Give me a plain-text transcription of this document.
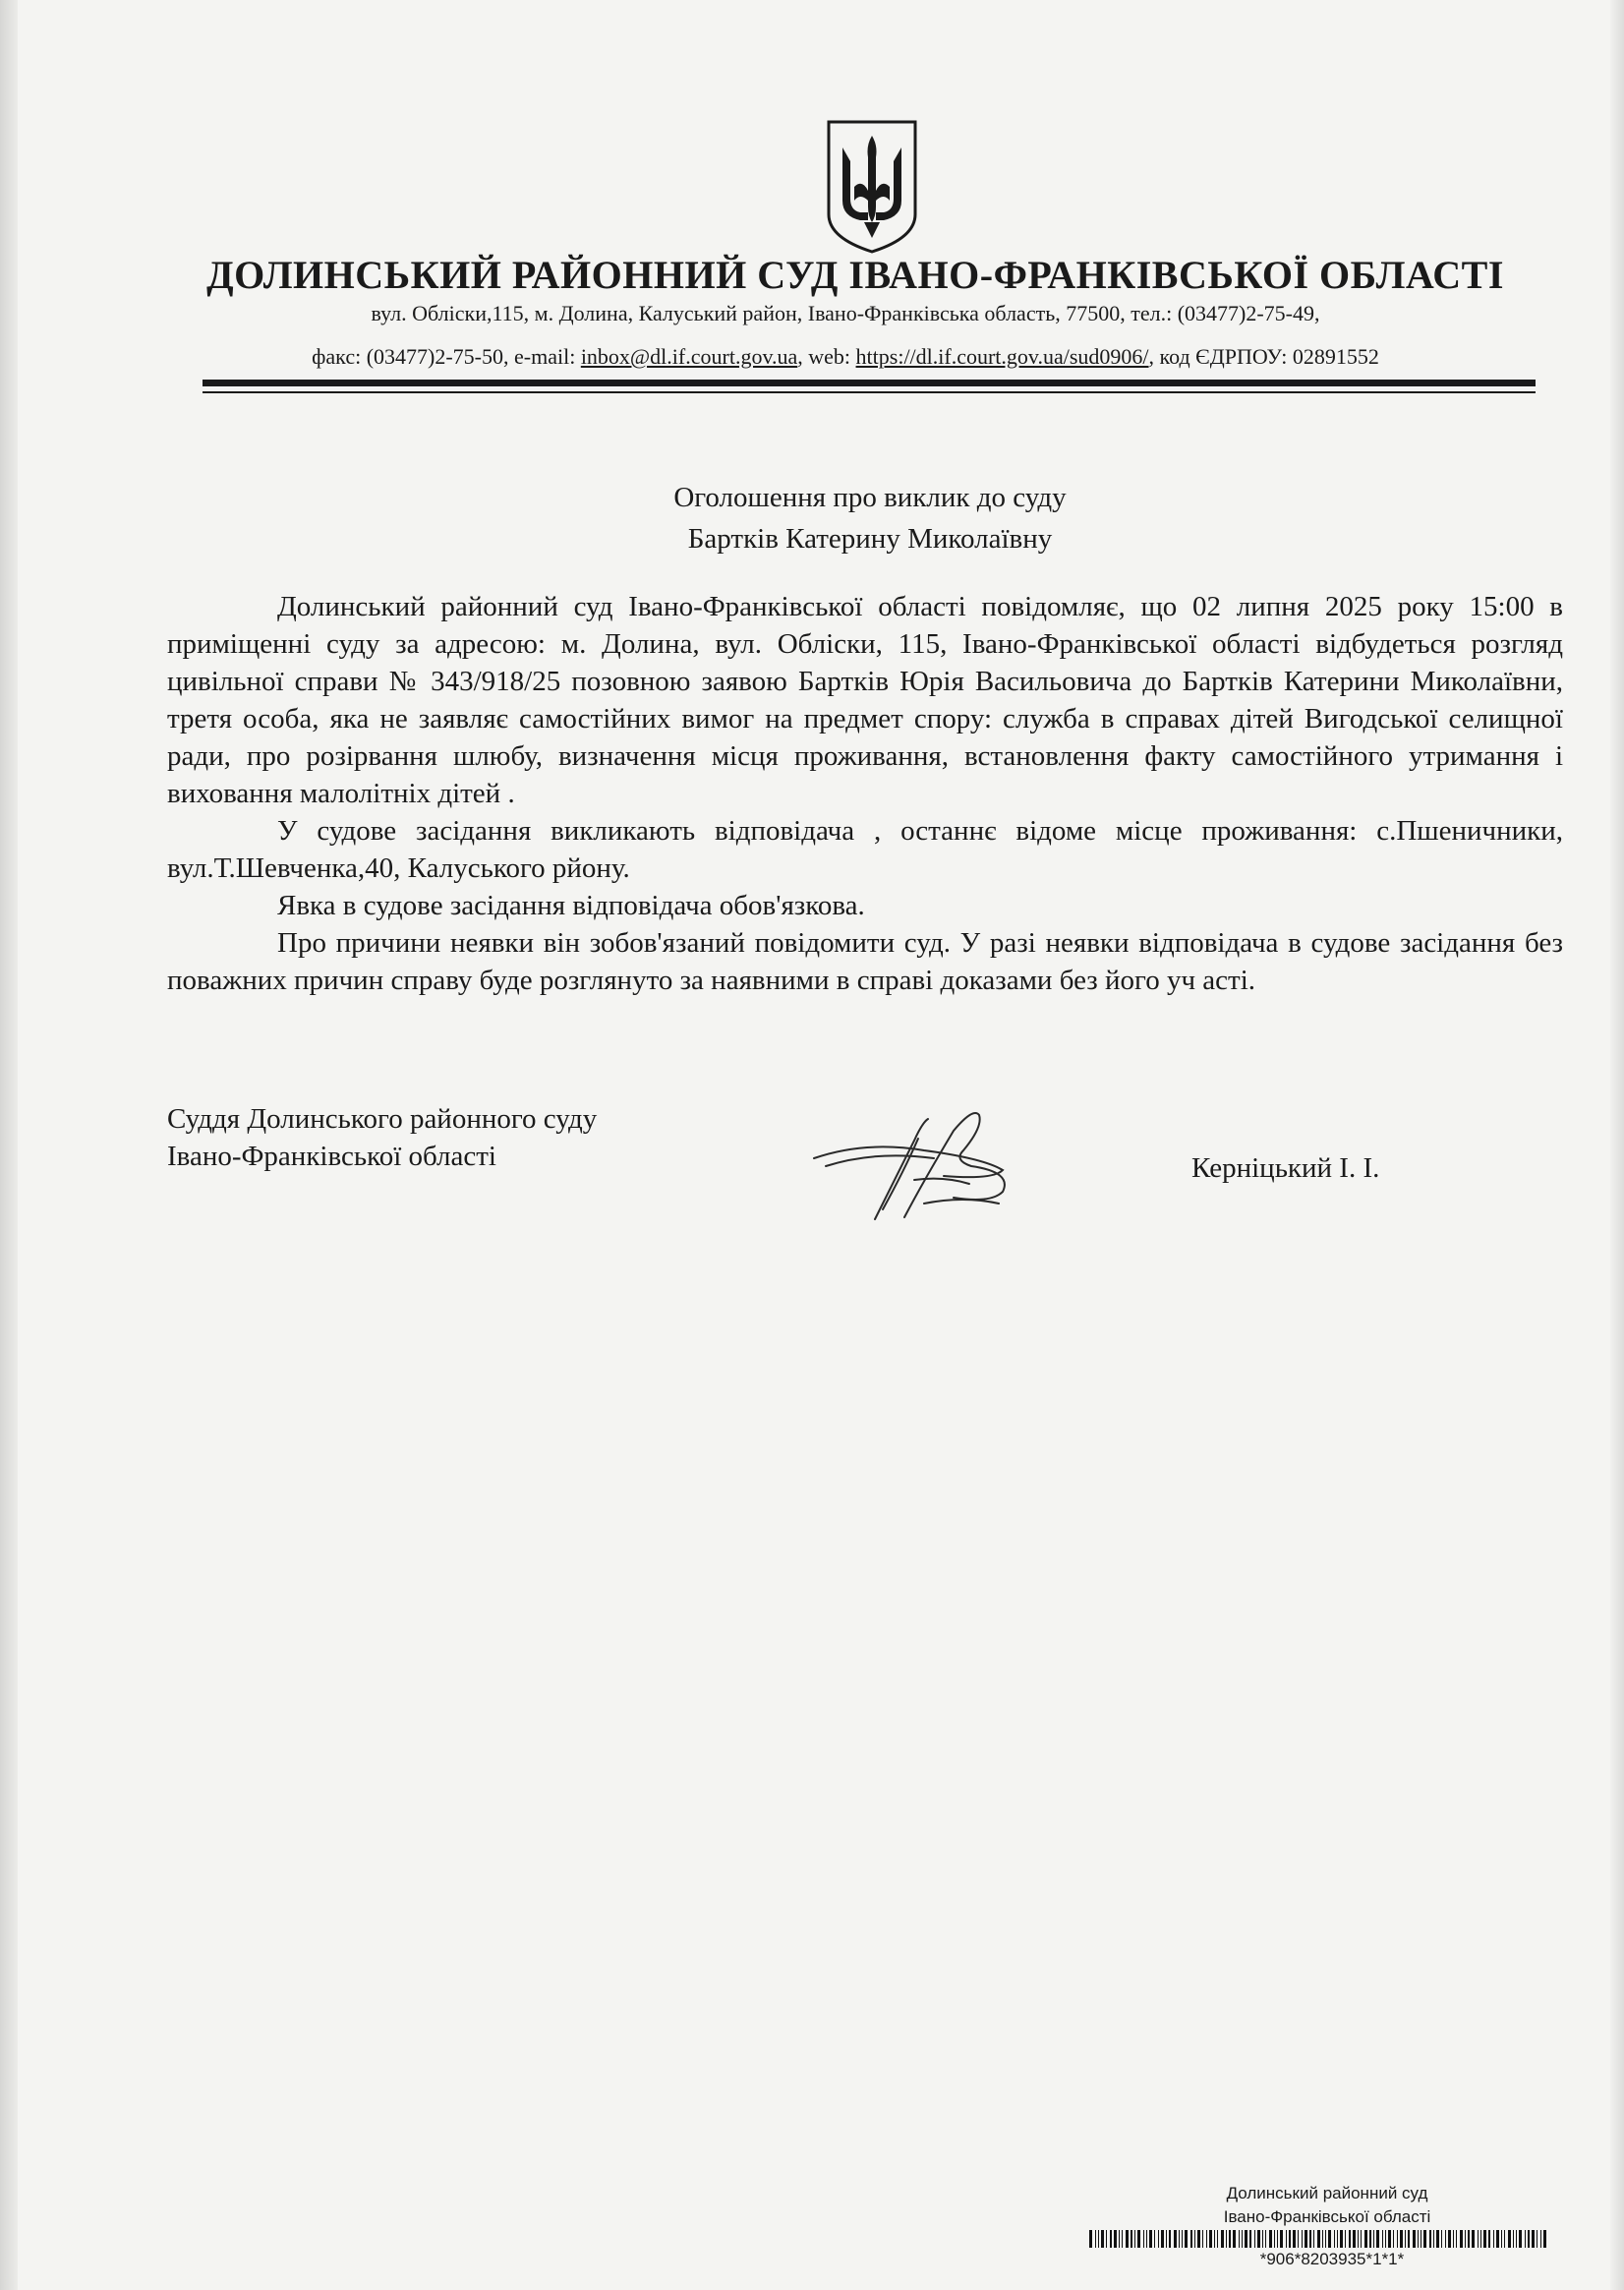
ДОЛИНСЬКИЙ РАЙОННИЙ СУД ІВАНО-ФРАНКІВСЬКОЇ ОБЛАСТІ
вул. Обліски,115, м. Долина, Калуський район, Івано-Франківська область, 77500, тел.: (03477)2-75-49,
факс: (03477)2-75-50, e-mail: inbox@dl.if.court.gov.ua, web: https://dl.if.court.gov.ua/sud0906/, код ЄДРПОУ: 02891552
Оголошення про виклик до суду
Бартків Катерину Миколаївну

Долинський районний суд Івано-Франківської області повідомляє, що 02 липня 2025 року 15:00 в приміщенні суду за адресою: м. Долина, вул. Обліски, 115, Івано-Франківської області відбудеться розгляд цивільної справи № 343/918/25 позовною заявою Бартків Юрія Васильовича до Бартків Катерини Миколаївни, третя особа, яка не заявляє самостійних вимог на предмет спору: служба в справах дітей Вигодської селищної ради, про розірвання шлюбу, визначення місця проживання, встановлення факту самостійного утримання і виховання малолітніх дітей .

У судове засідання викликають відповідача , останнє відоме місце проживання: с.Пшеничники, вул.Т.Шевченка,40, Калуського рйону.

Явка в судове засідання відповідача обов'язкова.

Про причини неявки він зобов'язаний повідомити суд. У разі неявки відповідача в судове засідання без поважних причин справу буде розглянуто за наявними в справі доказами без його уч асті.

Суддя Долинського районного суду
Івано-Франківської області	Керніцький І. І.
Долинський районний суд
Івано-Франківської області
*906*8203935*1*1*
